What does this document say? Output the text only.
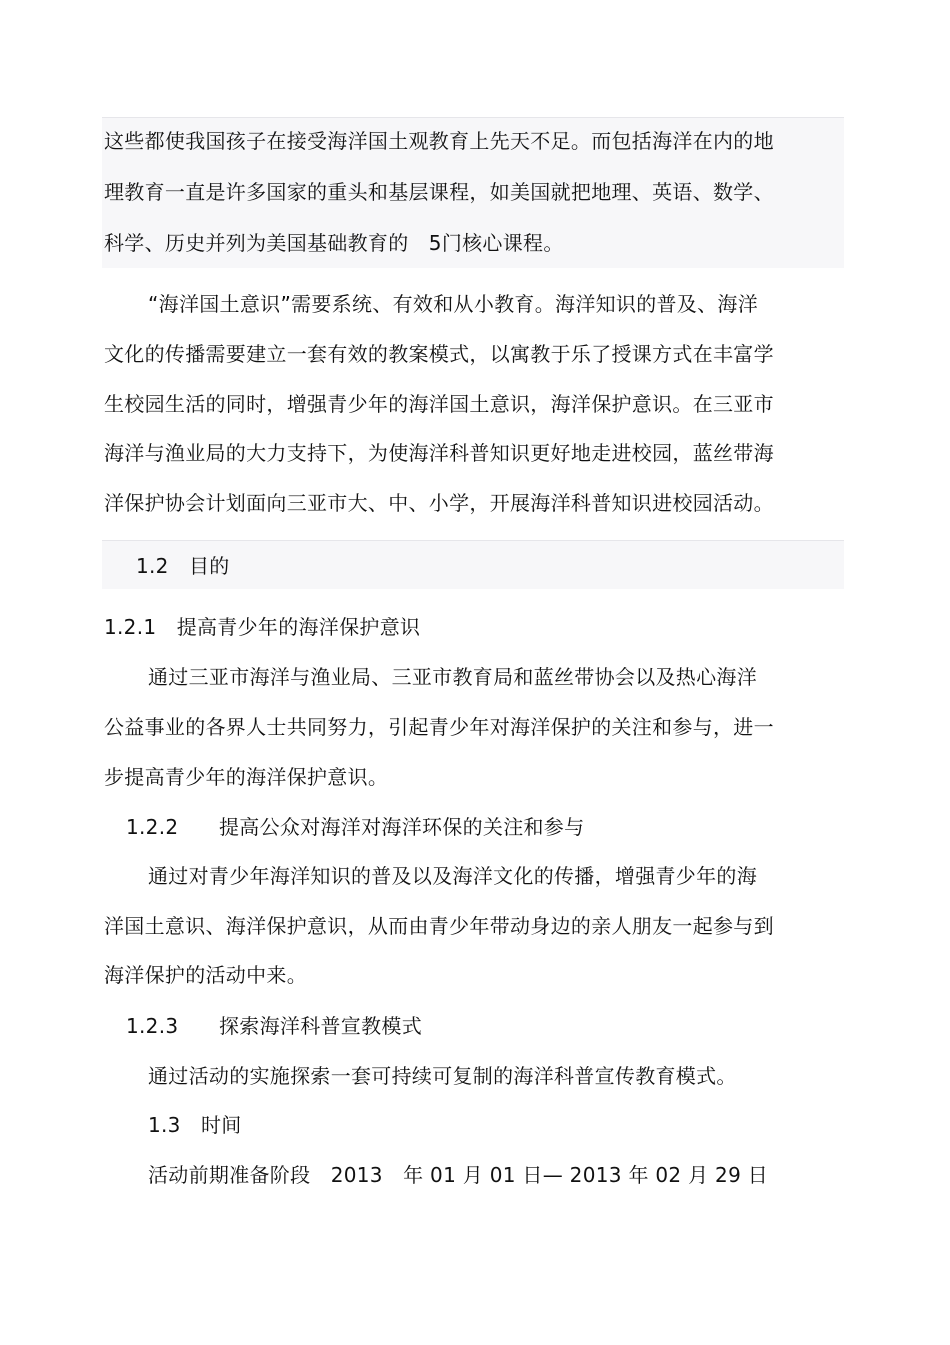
这些都使我国孩子在接受海洋国土观教育上先天不足。而包括海洋在内的地
理教育一直是许多国家的重头和基层课程，如美国就把地理、英语、数学、
科学、历史并列为美国基础教育的　5门核心课程。
“海洋国土意识”需要系统、有效和从小教育。海洋知识的普及、海洋
文化的传播需要建立一套有效的教案模式，以寓教于乐了授课方式在丰富学
生校园生活的同时，增强青少年的海洋国土意识，海洋保护意识。在三亚市
海洋与渔业局的大力支持下，为使海洋科普知识更好地走进校园，蓝丝带海
洋保护协会计划面向三亚市大、中、小学，开展海洋科普知识进校园活动。
1.2　目的
1.2.1　提高青少年的海洋保护意识
通过三亚市海洋与渔业局、三亚市教育局和蓝丝带协会以及热心海洋
公益事业的各界人士共同努力，引起青少年对海洋保护的关注和参与，进一
步提高青少年的海洋保护意识。
1.2.2　　提高公众对海洋对海洋环保的关注和参与
通过对青少年海洋知识的普及以及海洋文化的传播，增强青少年的海
洋国土意识、海洋保护意识，从而由青少年带动身边的亲人朋友一起参与到
海洋保护的活动中来。
1.2.3　　探索海洋科普宣教模式
通过活动的实施探索一套可持续可复制的海洋科普宣传教育模式。
1.3　时间
活动前期准备阶段　2013　年 01 月 01 日— 2013 年 02 月 29 日
